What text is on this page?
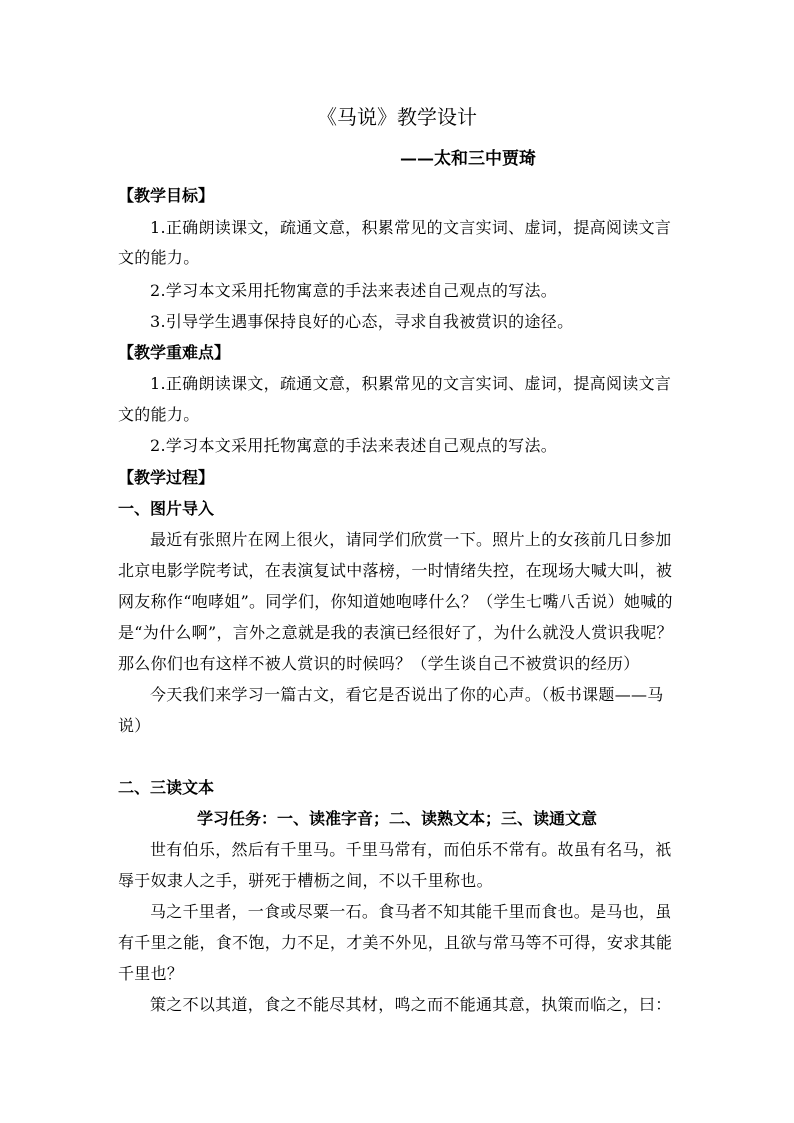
《马说》教学设计
——太和三中贾琦
【教学目标】
1.正确朗读课文，疏通文意，积累常见的文言实词、虚词，提高阅读文言
文的能力。
2.学习本文采用托物寓意的手法来表述自己观点的写法。
3.引导学生遇事保持良好的心态，寻求自我被赏识的途径。
【教学重难点】
1.正确朗读课文，疏通文意，积累常见的文言实词、虚词，提高阅读文言
文的能力。
2.学习本文采用托物寓意的手法来表述自己观点的写法。
【教学过程】
一、图片导入
最近有张照片在网上很火，请同学们欣赏一下。照片上的女孩前几日参加
北京电影学院考试，在表演复试中落榜，一时情绪失控，在现场大喊大叫，被
网友称作“咆哮姐”。同学们，你知道她咆哮什么？（学生七嘴八舌说）她喊的
是“为什么啊”，言外之意就是我的表演已经很好了，为什么就没人赏识我呢？
那么你们也有这样不被人赏识的时候吗？（学生谈自己不被赏识的经历）
今天我们来学习一篇古文，看它是否说出了你的心声。（板书课题——马
说）
二、三读文本
学习任务：一、读准字音；二、读熟文本；三、读通文意
世有伯乐，然后有千里马。千里马常有，而伯乐不常有。故虽有名马，祇
辱于奴隶人之手，骈死于槽枥之间，不以千里称也。
马之千里者，一食或尽粟一石。食马者不知其能千里而食也。是马也，虽
有千里之能，食不饱，力不足，才美不外见，且欲与常马等不可得，安求其能
千里也？
策之不以其道，食之不能尽其材，鸣之而不能通其意，执策而临之，曰：
